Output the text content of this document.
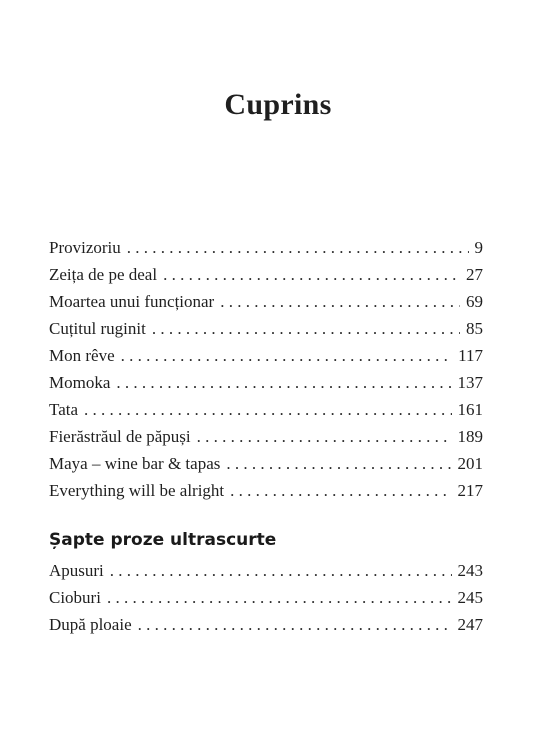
Cuprins
Provizoriu . . .	9
Zeița de pe deal . . .	27
Moartea unui funcționar . . .	69
Cuțitul ruginit . . .	85
Mon rêve . . .	117
Momoka . . .	137
Tata . . .	161
Fierăstrăul de păpuși . . .	189
Maya – wine bar & tapas . . .	201
Everything will be alright . . .	217
Șapte proze ultrascurte
Apusuri . . .	243
Cioburi . . .	245
După ploaie . . .	247
